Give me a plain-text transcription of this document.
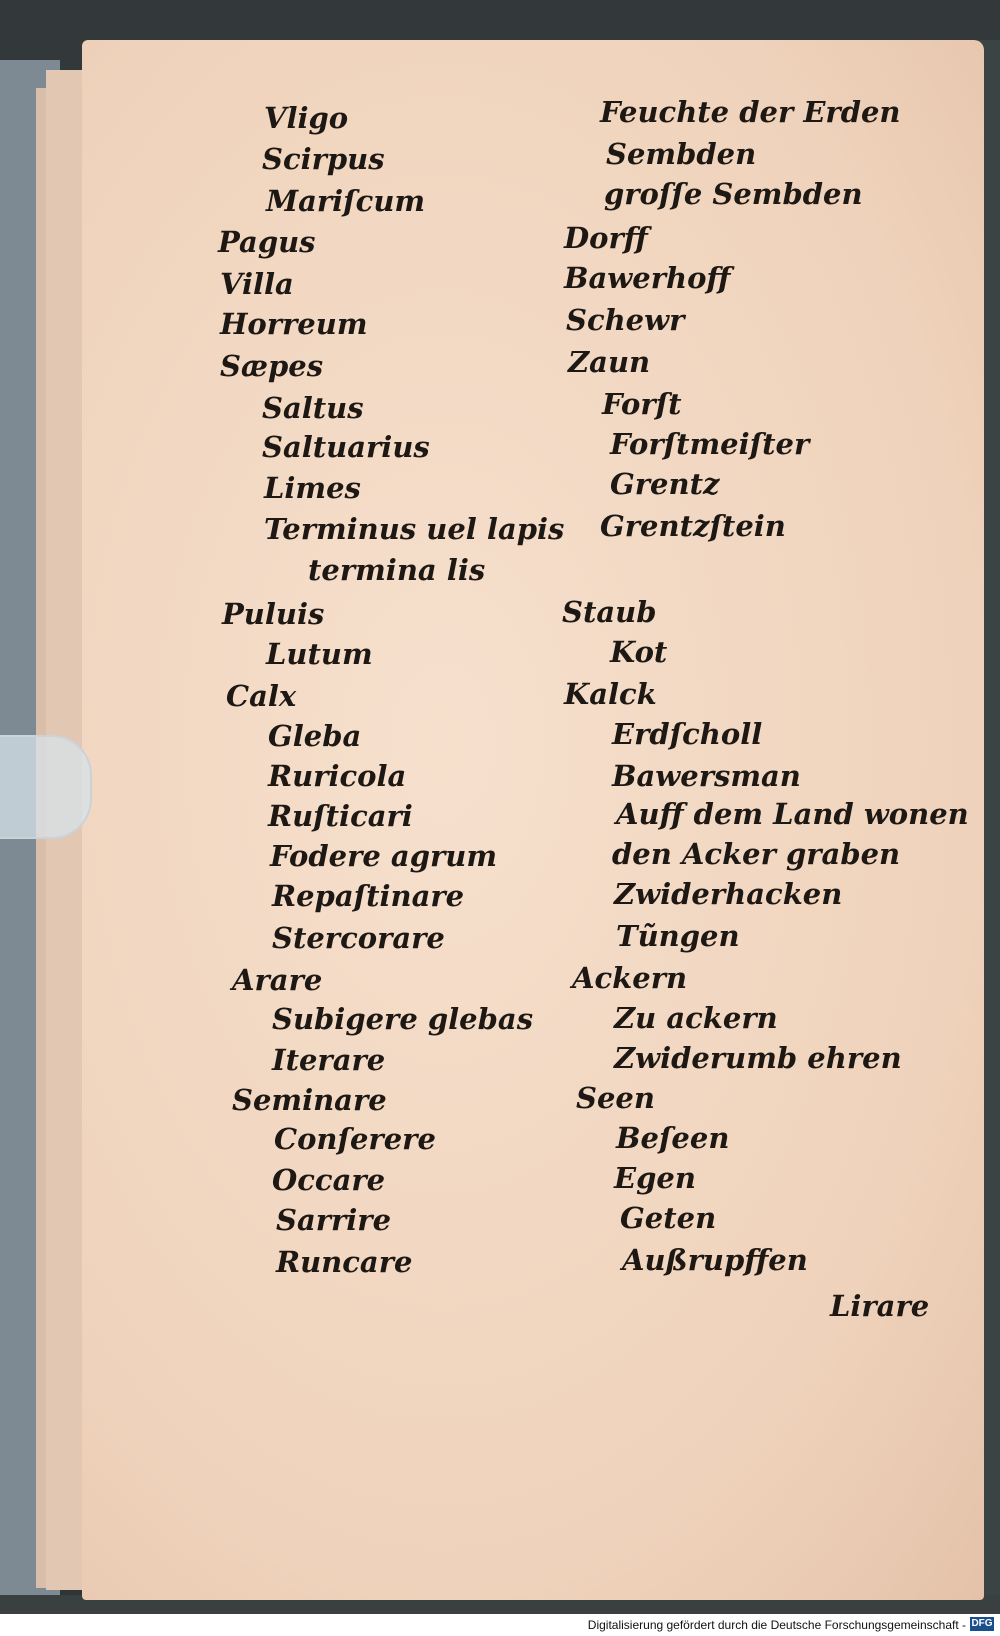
Vligo
Scirpus
Mariſcum
Pagus
Villa
Horreum
Sæpes
Saltus
Saltuarius
Limes
Terminus uel lapis
termina lis
Puluis
Lutum
Calx
Gleba
Ruricola
Ruſticari
Fodere agrum
Repaſtinare
Stercorare
Arare
Subigere glebas
Iterare
Seminare
Conſerere
Occare
Sarrire
Runcare
Feuchte der Erden
Sembden
groſſe Sembden
Dorff
Bawerhoff
Schewr
Zaun
Forſt
Forſtmeiſter
Grentz
Grentzſtein
Staub
Kot
Kalck
Erdſcholl
Bawersman
Auff dem Land wonen
den Acker graben
Zwiderhacken
Tũngen
Ackern
Zu ackern
Zwiderumb ehren
Seen
Beſeen
Egen
Geten
Außrupffen
Lirare
Digitalisierung gefördert durch die Deutsche Forschungsgemeinschaft - DFG
